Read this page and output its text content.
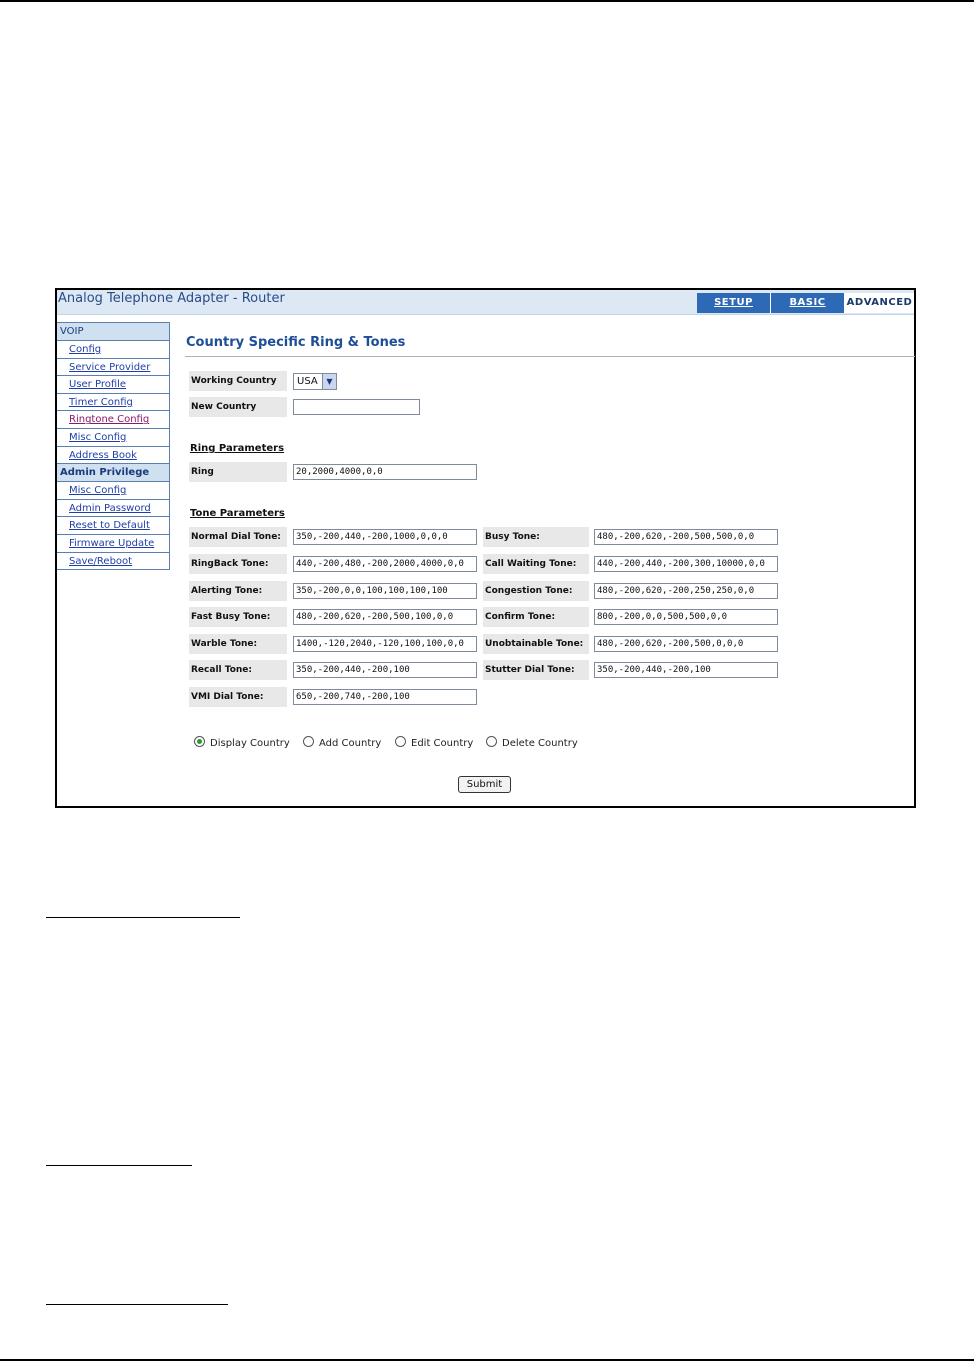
Analog Telephone Adapter - Router	SETUP	BASIC	ADVANCED
VOIP
Config
Service Provider
User Profile
Timer Config
Ringtone Config
Misc Config
Address Book
Admin Privilege
Misc Config
Admin Password
Reset to Default
Firmware Update
Save/Reboot
Country Specific Ring & Tones
Working Country	USA	▼
New Country
Ring Parameters
Ring	20,2000,4000,0,0
Tone Parameters
Normal Dial Tone:	350,-200,440,-200,1000,0,0,0	Busy Tone:	480,-200,620,-200,500,500,0,0
RingBack Tone:	440,-200,480,-200,2000,4000,0,0	Call Waiting Tone:	440,-200,440,-200,300,10000,0,0
Alerting Tone:	350,-200,0,0,100,100,100,100	Congestion Tone:	480,-200,620,-200,250,250,0,0
Fast Busy Tone:	480,-200,620,-200,500,100,0,0	Confirm Tone:	800,-200,0,0,500,500,0,0
Warble Tone:	1400,-120,2040,-120,100,100,0,0	Unobtainable Tone:	480,-200,620,-200,500,0,0,0
Recall Tone:	350,-200,440,-200,100	Stutter Dial Tone:	350,-200,440,-200,100
VMI Dial Tone:	650,-200,740,-200,100
Display Country	Add Country	Edit Country	Delete Country
Submit
